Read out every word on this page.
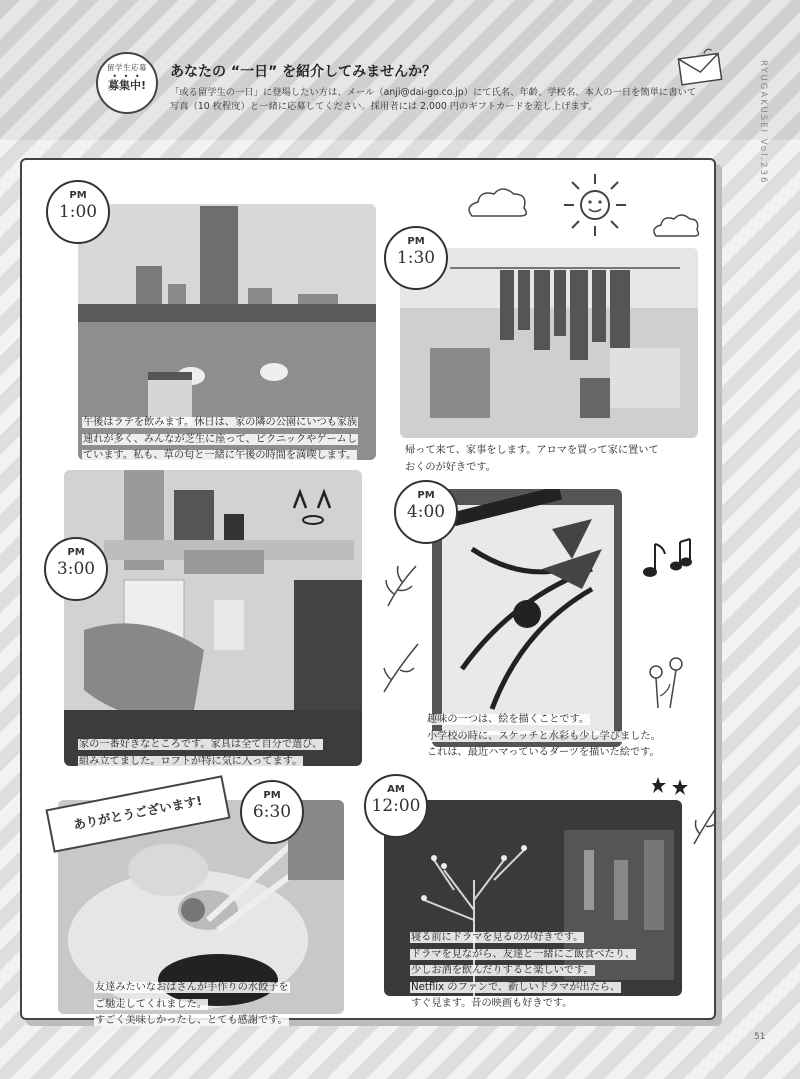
留学生応募
• • •
募集中!
あなたの “一日” を紹介してみませんか？
「或る留学生の一日」に登場したい方は、メール（anji@dai-go.co.jp）にて氏名、年齢、学校名、本人の一日を簡単に書いて
写真（10 枚程度）と一緒に応募してください。採用者には 2,000 円のギフトカードを差し上げます。	RYUGAKUSEI Vol.236
午後はラテを飲みます。休日は、家の隣の公園にいつも家族
連れが多く、みんなが芝生に座って、ピクニックやゲームし
ています。私も、草の匂と一緒に午後の時間を満喫します。
PM
1:00
帰って来て、家事をします。アロマを買って家に置いて
おくのが好きです。
PM
1:30
家の一番好きなところです。家具は全て自分で選び、
組み立てました。ロフトが特に気に入ってます。
PM
3:00
趣味の一つは、絵を描くことです。
小学校の時に、スケッチと水彩も少し学びました。
これは、最近ハマっているダーツを描いた絵です。
PM
4:00
友達みたいなおばさんが手作りの水餃子を
ご馳走してくれました。
すごく美味しかったし、とても感謝です。
PM
6:30
ありがとうございます!
寝る前にドラマを見るのが好きです。
ドラマを見ながら、友達と一緒にご飯食べたり、
少しお酒を飲んだりすると楽しいです。
Netflix のファンで、新しいドラマが出たら、
すぐ見ます。昔の映画も好きです。
AM
12:00
51
